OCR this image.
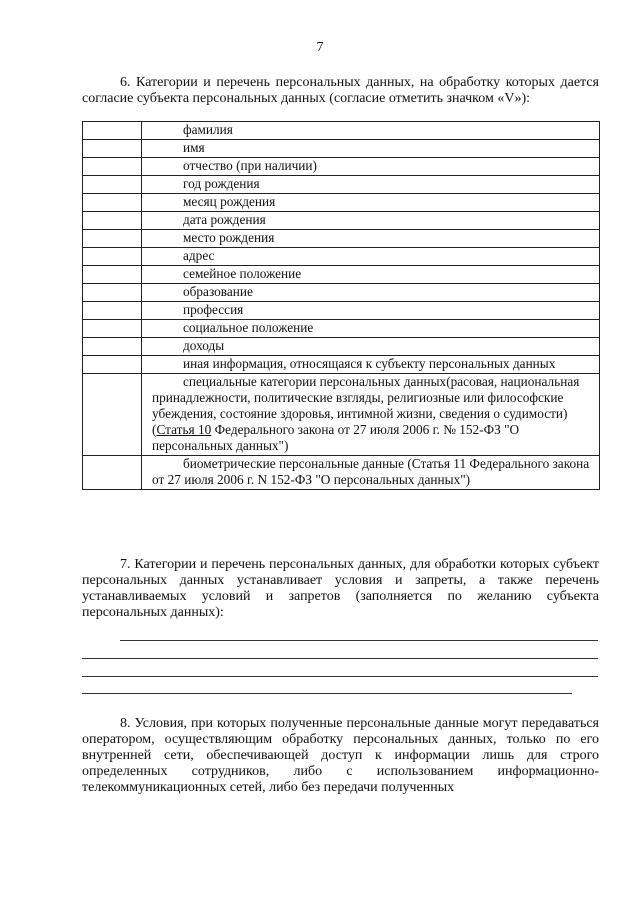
7

6. Категории и перечень персональных данных, на обработку которых дается согласие субъекта персональных данных (согласие отметить значком «V»):

	фамилия
	имя
	отчество (при наличии)
	год рождения
	месяц рождения
	дата рождения
	место рождения
	адрес
	семейное положение
	образование
	профессия
	социальное положение
	доходы

	иная информация, относящаяся к субъекту персональных данных

	специальные категории персональных данных(расовая, национальная принадлежности, политические взгляды, религиозные или философские убеждения, состояние здоровья, интимной жизни, сведения о судимости) (Статья 10 Федерального закона от 27 июля 2006 г. № 152-ФЗ "О персональных данных")

	биометрические персональные данные (Статья 11 Федерального закона от 27 июля 2006 г. N 152-ФЗ "О персональных данных")

7. Категории и перечень персональных данных, для обработки которых субъект персональных данных устанавливает условия и запреты, а также перечень устанавливаемых условий и запретов (заполняется по желанию субъекта персональных данных):

8. Условия, при которых полученные персональные данные могут передаваться оператором, осуществляющим обработку персональных данных, только по его внутренней сети, обеспечивающей доступ к информации лишь для строго определенных сотрудников, либо с использованием информационно-телекоммуникационных сетей, либо без передачи полученных
